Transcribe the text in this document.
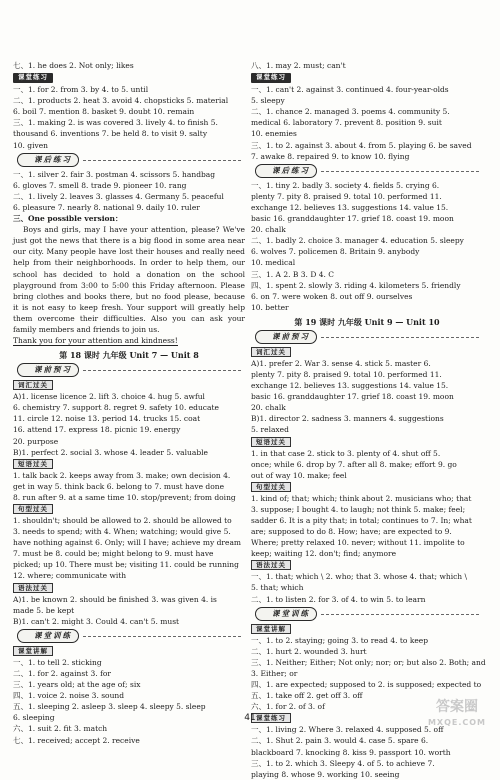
七、1. he does 2. Not only; likes
课堂练习
一、1. for 2. from 3. by 4. to 5. until
二、1. products 2. heat 3. avoid 4. chopsticks 5. material
6. boil 7. mention 8. basket 9. doubt 10. remain
三、1. making 2. is was covered 3. lively 4. to finish 5.
thousand 6. inventions 7. be held 8. to visit 9. salty
10. given
课后练习
一、1. silver 2. fair 3. postman 4. scissors 5. handbag
6. gloves 7. smell 8. trade 9. pioneer 10. rang
二、1. lively 2. leaves 3. glasses 4. Germany 5. peaceful
6. pleasure 7. nearly 8. national 9. daily 10. ruler
三、One possible version：
Boys and girls, may I have your attention, please? We've just got the news that there is a big flood in some area near our city. Many people have lost their houses and really need help from their neighborhoods. In order to help them, our school has decided to hold a donation on the school playground from 3:00 to 5:00 this Friday afternoon. Please bring clothes and books there, but no food please, because it is not easy to keep fresh. Your support will greatly help them overcome their difficulties. Also you can ask your family members and friends to join us.
Thank you for your attention and kindness!
第 18 课时 九年级 Unit 7 — Unit 8
课前预习
词汇过关
A)1. license licence 2. lift 3. choice 4. hug 5. awful
6. chemistry 7. support 8. regret 9. safety 10. educate
11. circle 12. noise 13. period 14. trucks 15. coat
16. attend 17. express 18. picnic 19. energy
20. purpose
B)1. perfect 2. social 3. whose 4. leader 5. valuable
短语过关
1. talk back 2. keeps away from 3. make; own decision 4.
get in way 5. think back 6. belong to 7. must have done
8. run after 9. at a same time 10. stop/prevent; from doing
句型过关
1. shouldn't; should be allowed to 2. should be allowed to
3. needs to spend; with 4. When; watching; would give 5.
have nothing against 6. Only; will I have; achieve my dream
7. must be 8. could be; might belong to 9. must have
picked; up 10. There must be; visiting 11. could be running
12. where; communicate with
语法过关
A)1. be known 2. should be finished 3. was given 4. is
made 5. be kept
B)1. can't 2. might 3. Could 4. can't 5. must
课堂训练
课堂讲解
一、1. to tell 2. sticking
二、1. for 2. against 3. for
三、1. years old; at the age of; six
四、1. voice 2. noise 3. sound
五、1. sleeping 2. asleep 3. sleep 4. sleepy 5. sleep
6. sleeping
六、1. suit 2. fit 3. match
七、1. received; accept 2. receive
八、1. may 2. must; can't
课堂练习
一、1. can't 2. against 3. continued 4. four-year-olds
5. sleepy
二、1. chance 2. managed 3. poems 4. community 5.
medical 6. laboratory 7. prevent 8. position 9. suit
10. enemies
三、1. to 2. against 3. about 4. from 5. playing 6. be saved
7. awake 8. repaired 9. to know 10. flying
课后练习
一、1. tiny 2. badly 3. society 4. fields 5. crying 6.
plenty 7. pity 8. praised 9. total 10. performed 11.
exchange 12. believes 13. suggestions 14. value 15.
basic 16. granddaughter 17. grief 18. coast 19. moon
20. chalk
二、1. badly 2. choice 3. manager 4. education 5. sleepy
6. wolves 7. policemen 8. Britain 9. anybody
10. medical
三、1. A 2. B 3. D 4. C
四、1. spent 2. slowly 3. riding 4. kilometers 5. friendly
6. on 7. were woken 8. out off 9. ourselves
10. better
第 19 课时 九年级 Unit 9 — Unit 10
课前预习
词汇过关
A)1. prefer 2. War 3. sense 4. stick 5. master 6.
plenty 7. pity 8. praised 9. total 10. performed 11.
exchange 12. believes 13. suggestions 14. value 15.
basic 16. granddaughter 17. grief 18. coast 19. moon
20. chalk
B)1. director 2. sadness 3. manners 4. suggestions
5. relaxed
短语过关
1. in that case 2. stick to 3. plenty of 4. shut off 5.
once; while 6. drop by 7. after all 8. make; effort 9. go
out of way 10. make; feel
句型过关
1. kind of; that; which; think about 2. musicians who; that
3. suppose; I bought 4. to laugh; not think 5. make; feel;
sadder 6. It is a pity that; in total; continues to 7. In; what
are; supposed to do 8. How; have; are expected to 9.
Where; pretty relaxed 10. never; without 11. impolite to
keep; waiting 12. don't; find; anymore
语法过关
一、1. that; which \ 2. who; that 3. whose 4. that; which \
5. that; which
二、1. to listen 2. for 3. of 4. to win 5. to learn
课堂训练
课堂讲解
一、1. to 2. staying; going 3. to read 4. to keep
二、1. hurt 2. wounded 3. hurt
三、1. Neither; Either; Not only; nor; or; but also 2. Both; and
3. Either; or
四、1. are expected; supposed to 2. is supposed; expected to
五、1. take off 2. get off 3. off
六、1. for 2. of 3. of
课堂练习
一、1. living 2. Where 3. relaxed 4. supposed 5. off
二、1. Shut 2. pain 3. would 4. case 5. spare 6.
blackboard 7. knocking 8. kiss 9. passport 10. worth
三、1. to 2. which 3. Sleepy 4. of 5. to achieve 7.
playing 8. whose 9. working 10. seeing
41
答案圈
MXQE.COM
